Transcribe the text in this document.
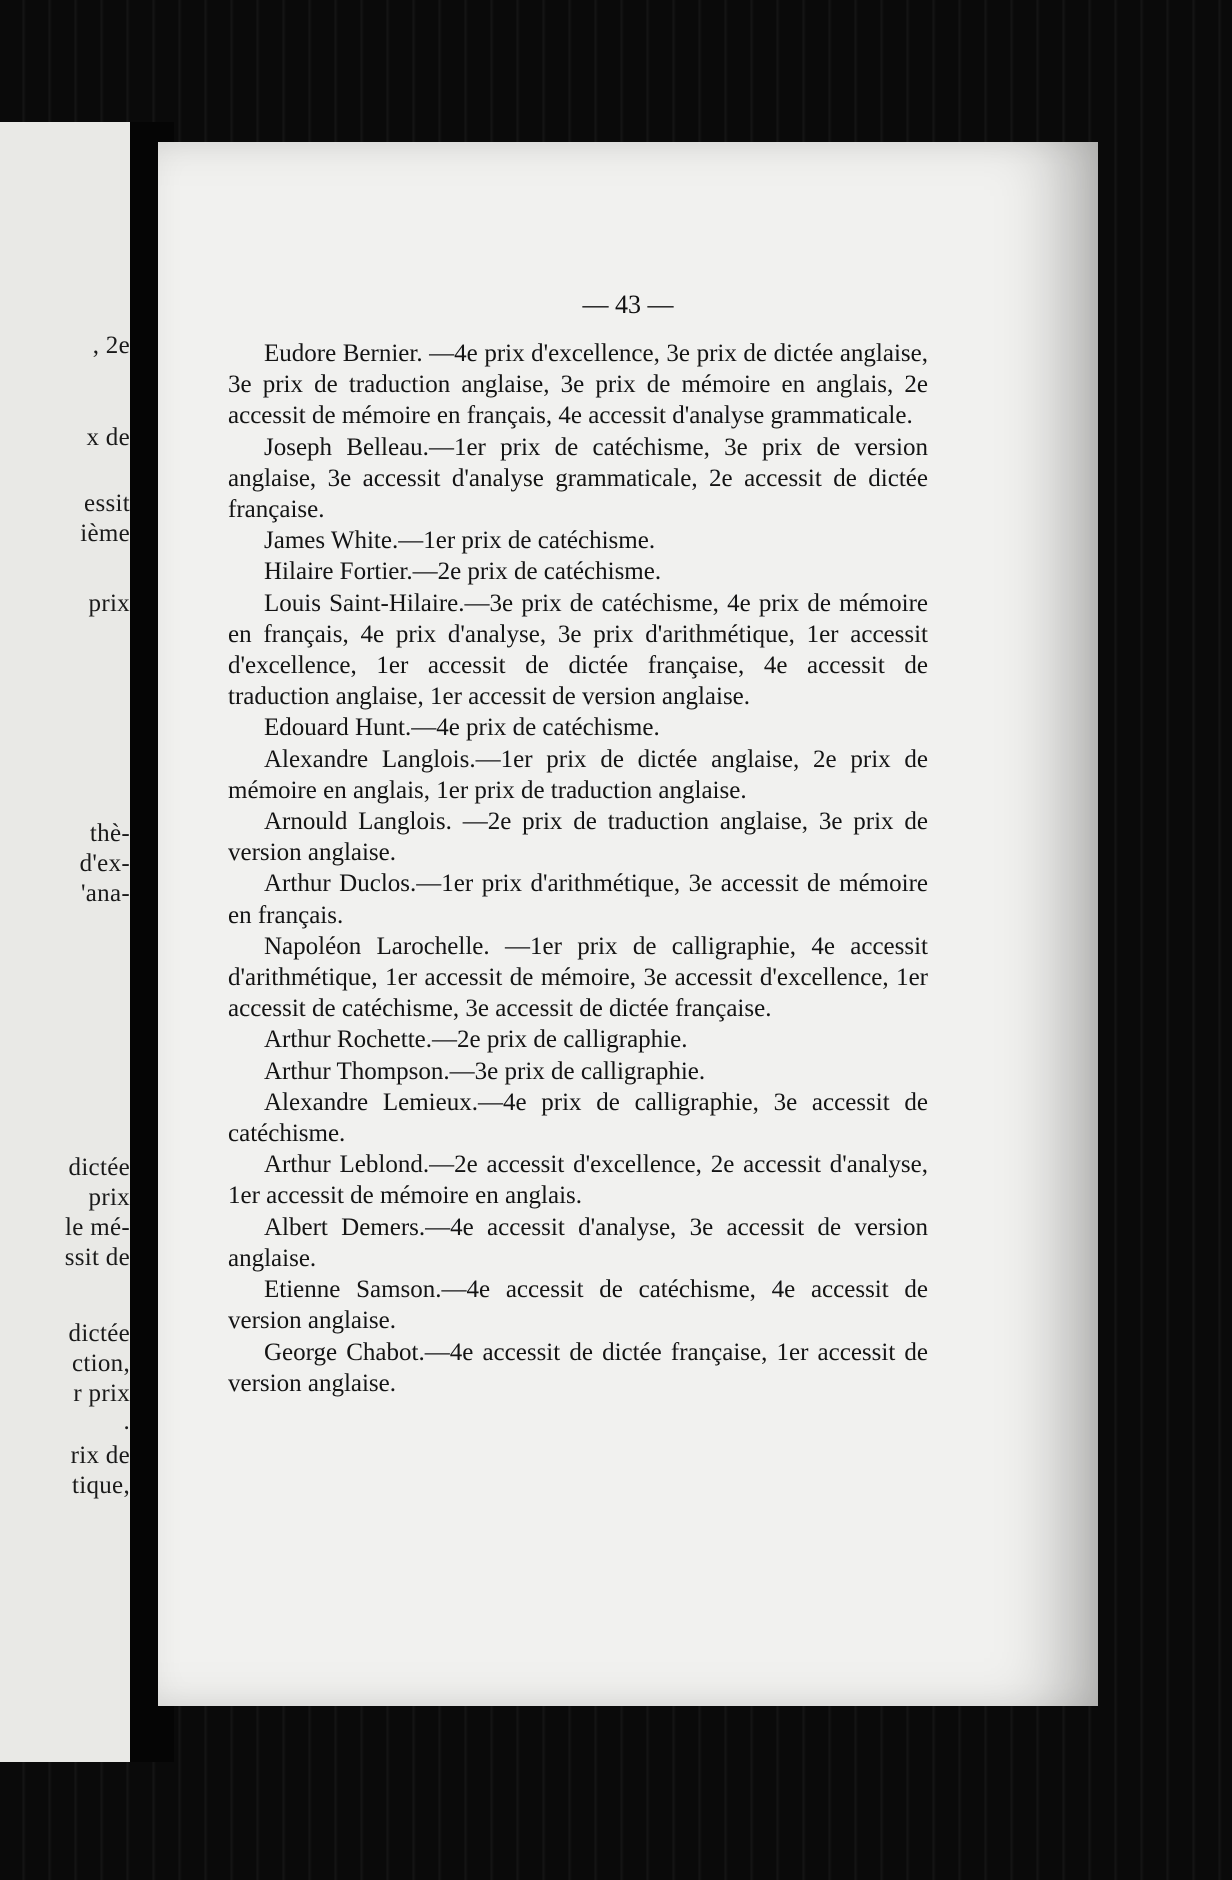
, 2e
x de
essit
ième
prix
thè-
d'ex-
'ana-
dictée
prix
le mé-
ssit de
dictée
ction,
r prix
.
rix de
tique,
— 43 —

Eudore Bernier. —4e prix d'excellence, 3e prix de dictée anglaise, 3e prix de traduction anglaise, 3e prix de mémoire en anglais, 2e accessit de mémoire en français, 4e accessit d'analyse grammaticale.

Joseph Belleau.—1er prix de catéchisme, 3e prix de version anglaise, 3e accessit d'analyse grammaticale, 2e accessit de dictée française.

James White.—1er prix de catéchisme.

Hilaire Fortier.—2e prix de catéchisme.

Louis Saint-Hilaire.—3e prix de catéchisme, 4e prix de mémoire en français, 4e prix d'analyse, 3e prix d'arithmétique, 1er accessit d'excellence, 1er accessit de dictée française, 4e accessit de traduction anglaise, 1er accessit de version anglaise.

Edouard Hunt.—4e prix de catéchisme.

Alexandre Langlois.—1er prix de dictée anglaise, 2e prix de mémoire en anglais, 1er prix de traduction anglaise.

Arnould Langlois. —2e prix de traduction anglaise, 3e prix de version anglaise.

Arthur Duclos.—1er prix d'arithmétique, 3e accessit de mémoire en français.

Napoléon Larochelle. —1er prix de calligraphie, 4e accessit d'arithmétique, 1er accessit de mémoire, 3e accessit d'excellence, 1er accessit de catéchisme, 3e accessit de dictée française.

Arthur Rochette.—2e prix de calligraphie.

Arthur Thompson.—3e prix de calligraphie.

Alexandre Lemieux.—4e prix de calligraphie, 3e accessit de catéchisme.

Arthur Leblond.—2e accessit d'excellence, 2e accessit d'analyse, 1er accessit de mémoire en anglais.

Albert Demers.—4e accessit d'analyse, 3e accessit de version anglaise.

Etienne Samson.—4e accessit de catéchisme, 4e accessit de version anglaise.

George Chabot.—4e accessit de dictée française, 1er accessit de version anglaise.
